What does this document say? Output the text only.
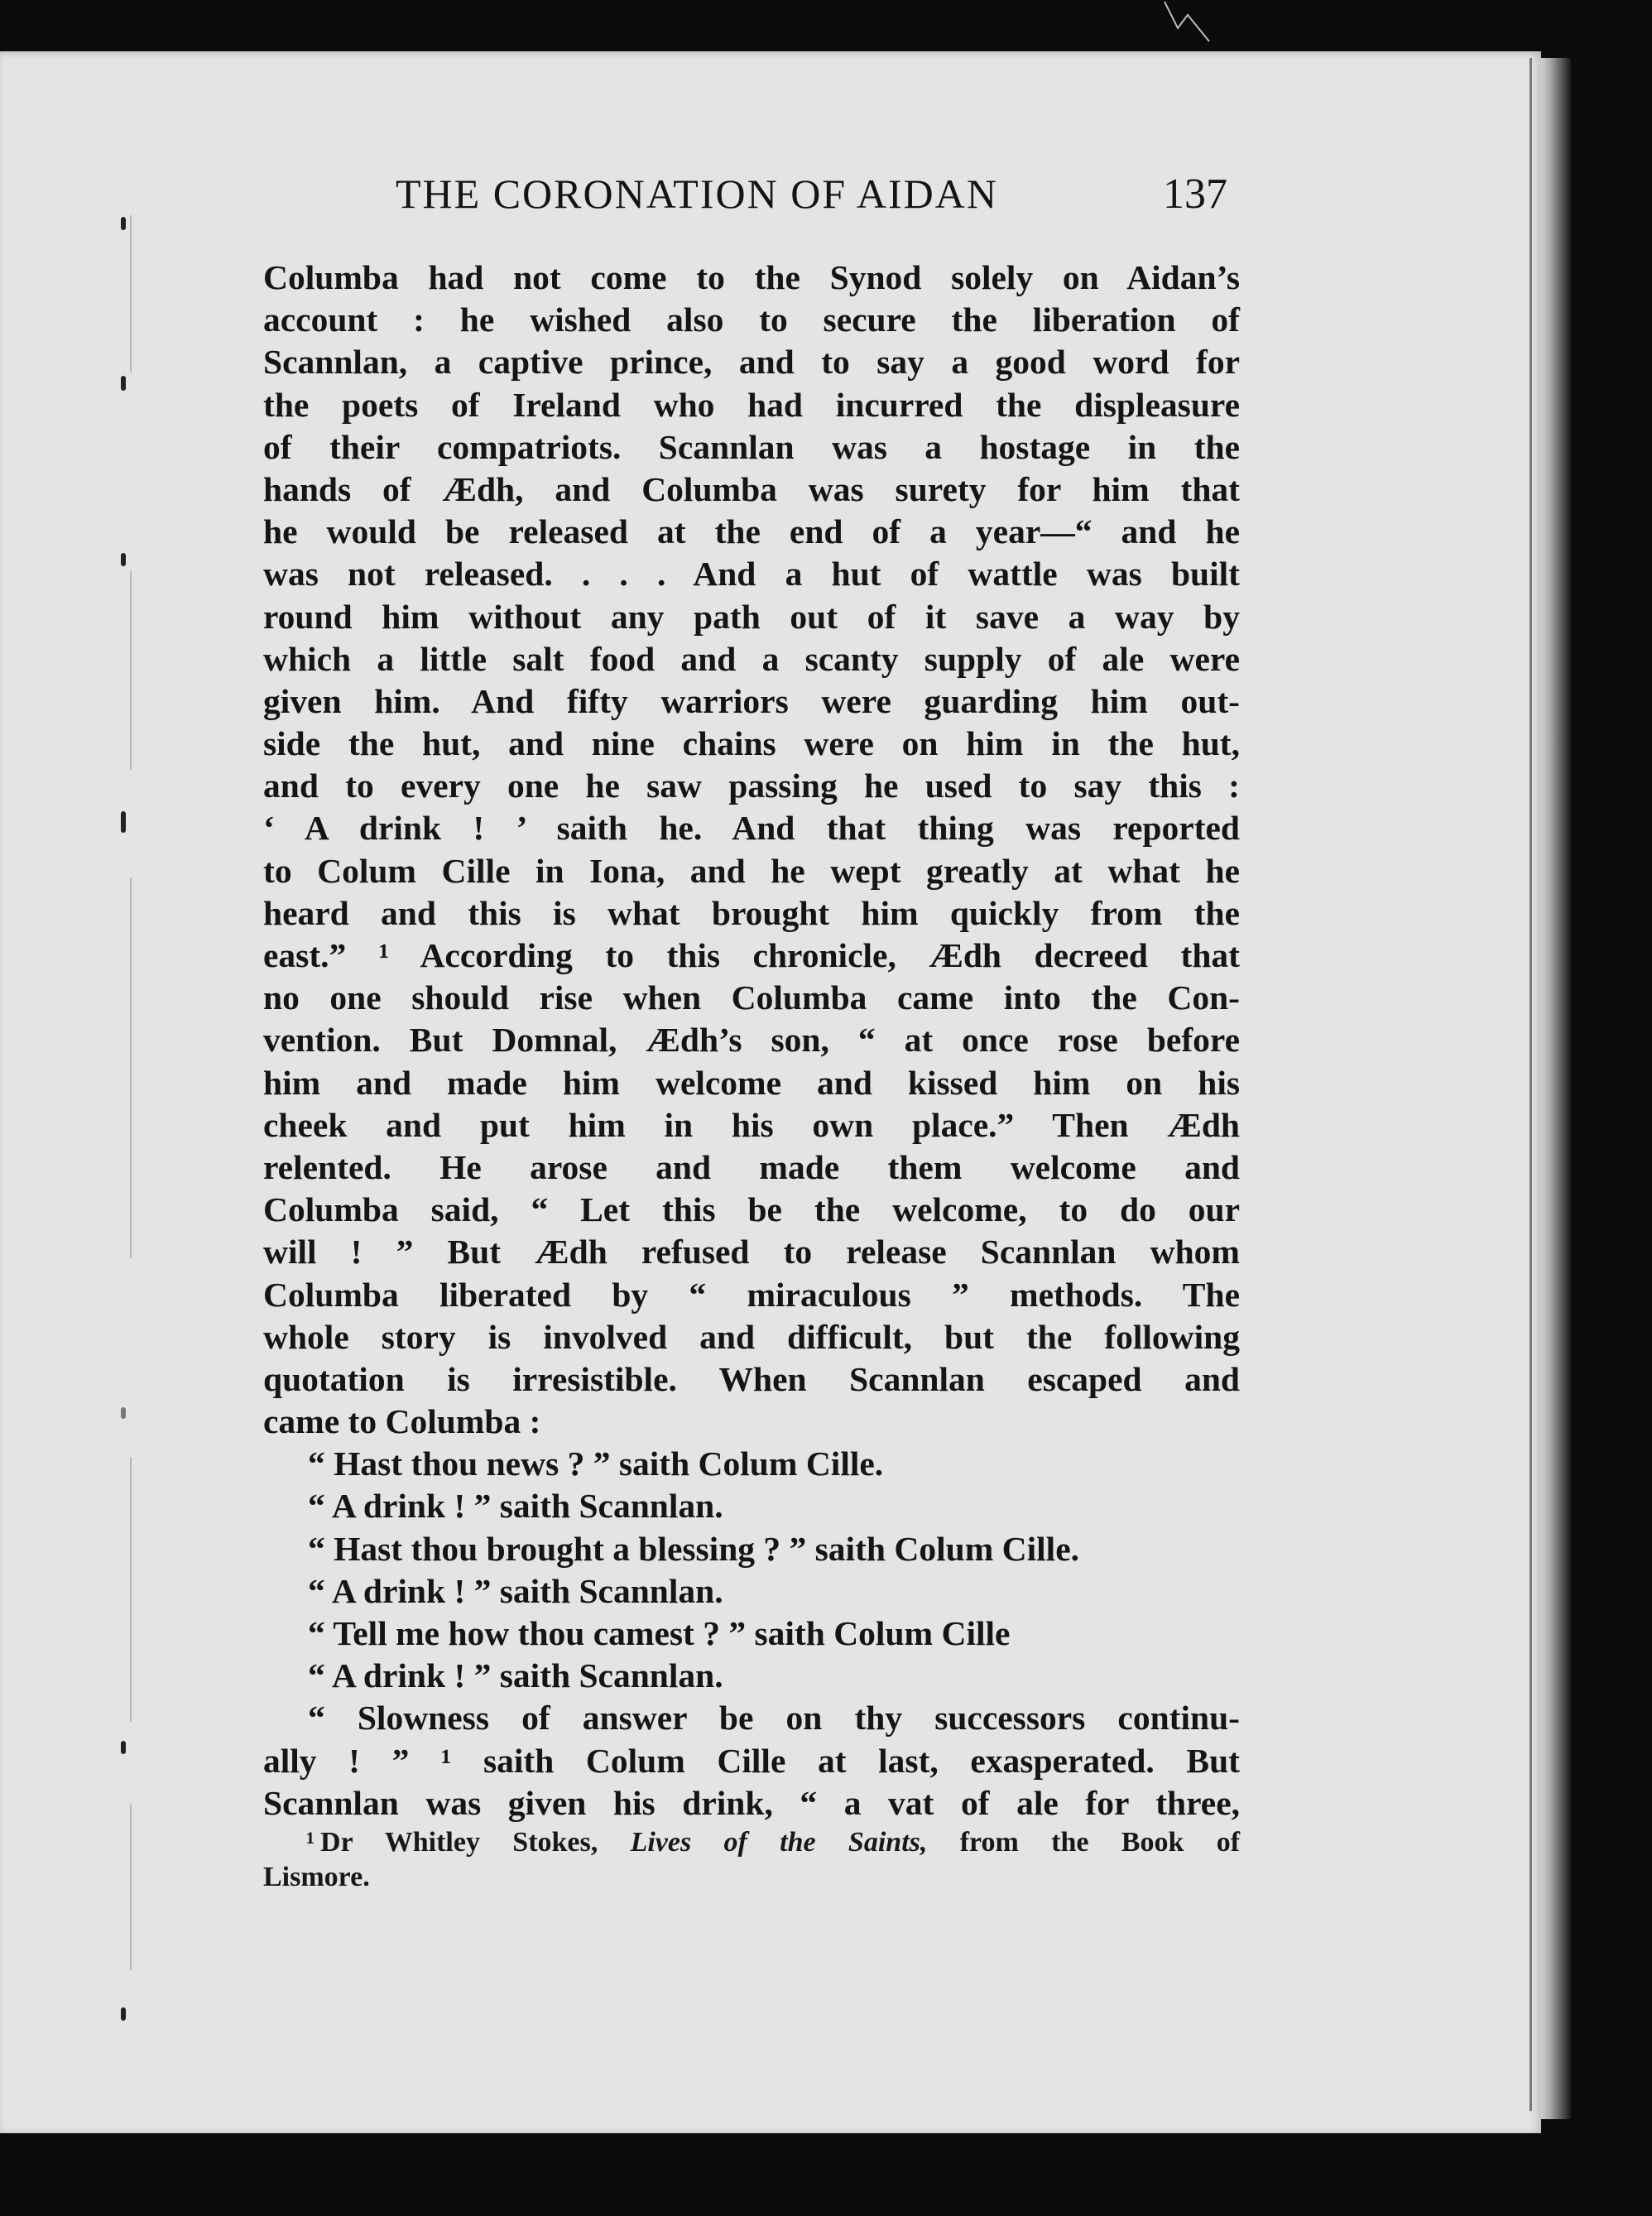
THE CORONATION OF AIDAN	137
Columba had not come to the Synod solely on Aidan’s
account : he wished also to secure the liberation of
Scannlan, a captive prince, and to say a good word for
the poets of Ireland who had incurred the displeasure
of their compatriots. Scannlan was a hostage in the
hands of Ædh, and Columba was surety for him that
he would be released at the end of a year—“ and he
was not released. . . . And a hut of wattle was built
round him without any path out of it save a way by
which a little salt food and a scanty supply of ale were
given him. And fifty warriors were guarding him out-
side the hut, and nine chains were on him in the hut,
and to every one he saw passing he used to say this :
‘ A drink ! ’ saith he. And that thing was reported
to Colum Cille in Iona, and he wept greatly at what he
heard and this is what brought him quickly from the
east.” ¹ According to this chronicle, Ædh decreed that
no one should rise when Columba came into the Con-
vention. But Domnal, Ædh’s son, “ at once rose before
him and made him welcome and kissed him on his
cheek and put him in his own place.” Then Ædh
relented. He arose and made them welcome and
Columba said, “ Let this be the welcome, to do our
will ! ” But Ædh refused to release Scannlan whom
Columba liberated by “ miraculous ” methods. The
whole story is involved and difficult, but the following
quotation is irresistible. When Scannlan escaped and
came to Columba :
“ Hast thou news ? ” saith Colum Cille.
“ A drink ! ” saith Scannlan.
“ Hast thou brought a blessing ? ” saith Colum Cille.
“ A drink ! ” saith Scannlan.
“ Tell me how thou camest ? ” saith Colum Cille
“ A drink ! ” saith Scannlan.
“ Slowness of answer be on thy successors continu-
ally ! ” ¹ saith Colum Cille at last, exasperated. But
Scannlan was given his drink, “ a vat of ale for three,
¹  Dr Whitley Stokes, Lives of the Saints, from the Book of
Lismore.
